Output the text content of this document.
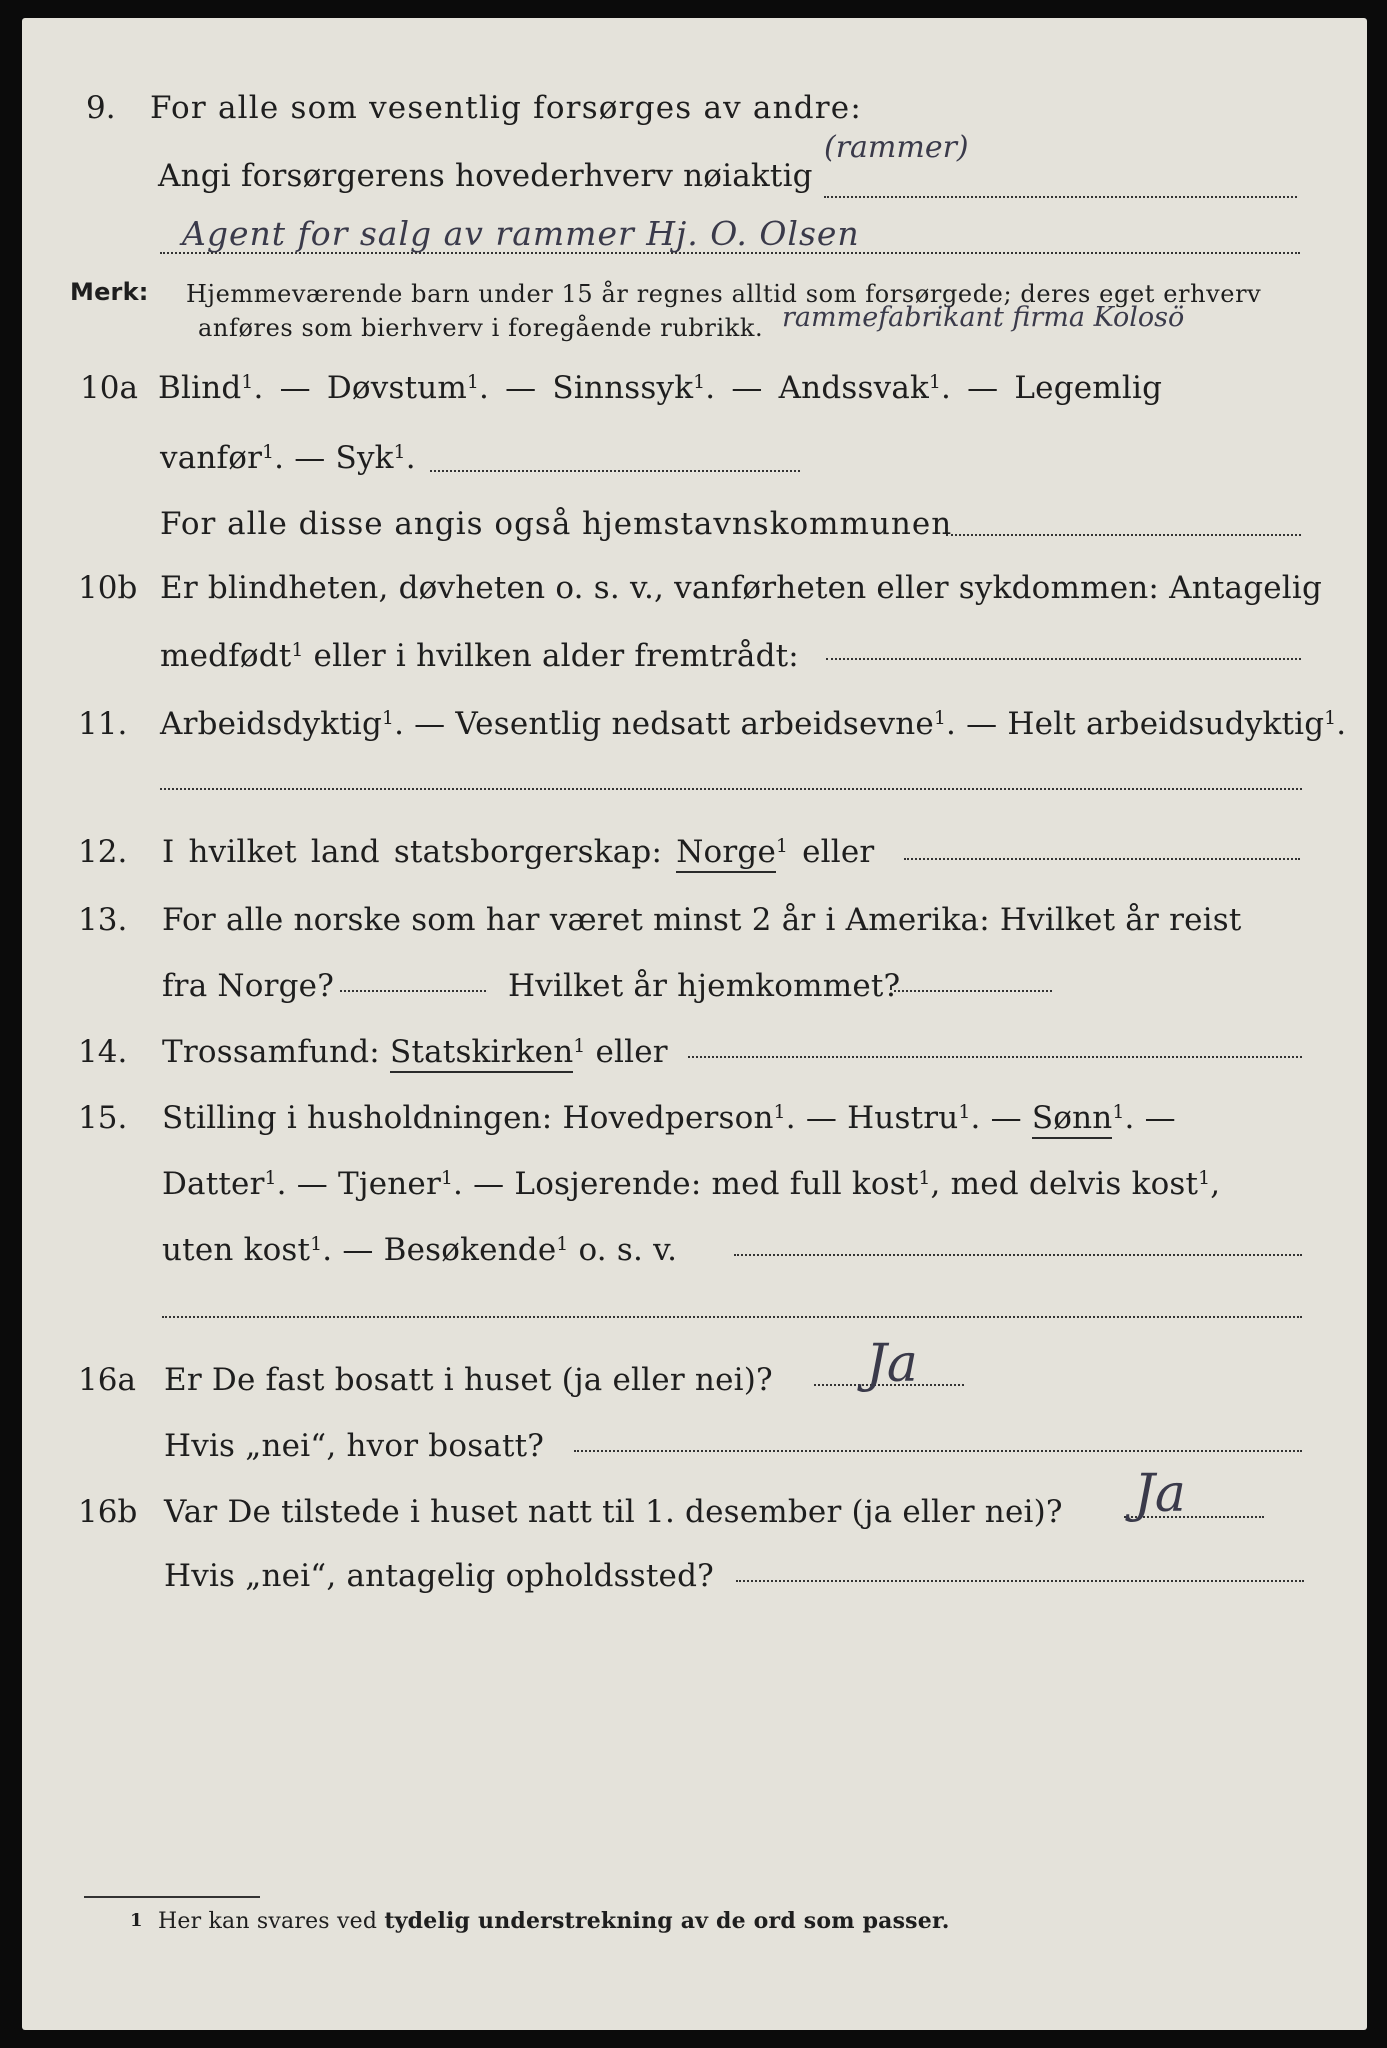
9. For alle som vesentlig forsørges av andre:
Angi forsørgerens hovederhverv nøiaktig
(rammer)
Agent for salg av rammer Hj. O. Olsen
Merk: Hjemmeværende barn under 15 år regnes alltid som forsørgede; deres eget erhverv
anføres som bierhverv i foregående rubrikk. rammefabrikant firma Kolosö
10a Blind$^1$. — Døvstum$^1$. — Sinnssyk$^1$. — Andssvak$^1$. — Legemlig
vanfør$^1$. — Syk$^1$.
For alle disse angis også hjemstavnskommunen
10b Er blindheten, døvheten o. s. v., vanførheten eller sykdommen: Antagelig
medfødt$^1$ eller i hvilken alder fremtrådt:
11. Arbeidsdyktig$^1$. — Vesentlig nedsatt arbeidsevne$^1$. — Helt arbeidsudyktig$^1$.
12. I hvilket land statsborgerskap: Norge$^1$ eller
13. For alle norske som har været minst 2 år i Amerika: Hvilket år reist
fra Norge?	Hvilket år hjemkommet?
14. Trossamfund: Statskirken$^1$ eller
15. Stilling i husholdningen: Hovedperson$^1$. — Hustru$^1$. — Sønn$^1$. —
Datter$^1$. — Tjener$^1$. — Losjerende: med full kost$^1$, med delvis kost$^1$,
uten kost$^1$. — Besøkende$^1$ o. s. v.
16a Er De fast bosatt i huset (ja eller nei)? Ja
Hvis „nei“, hvor bosatt?
16b Var De tilstede i huset natt til 1. desember (ja eller nei)? Ja
Hvis „nei“, antagelig opholdssted?
1 Her kan svares ved tydelig understrekning av de ord som passer.
